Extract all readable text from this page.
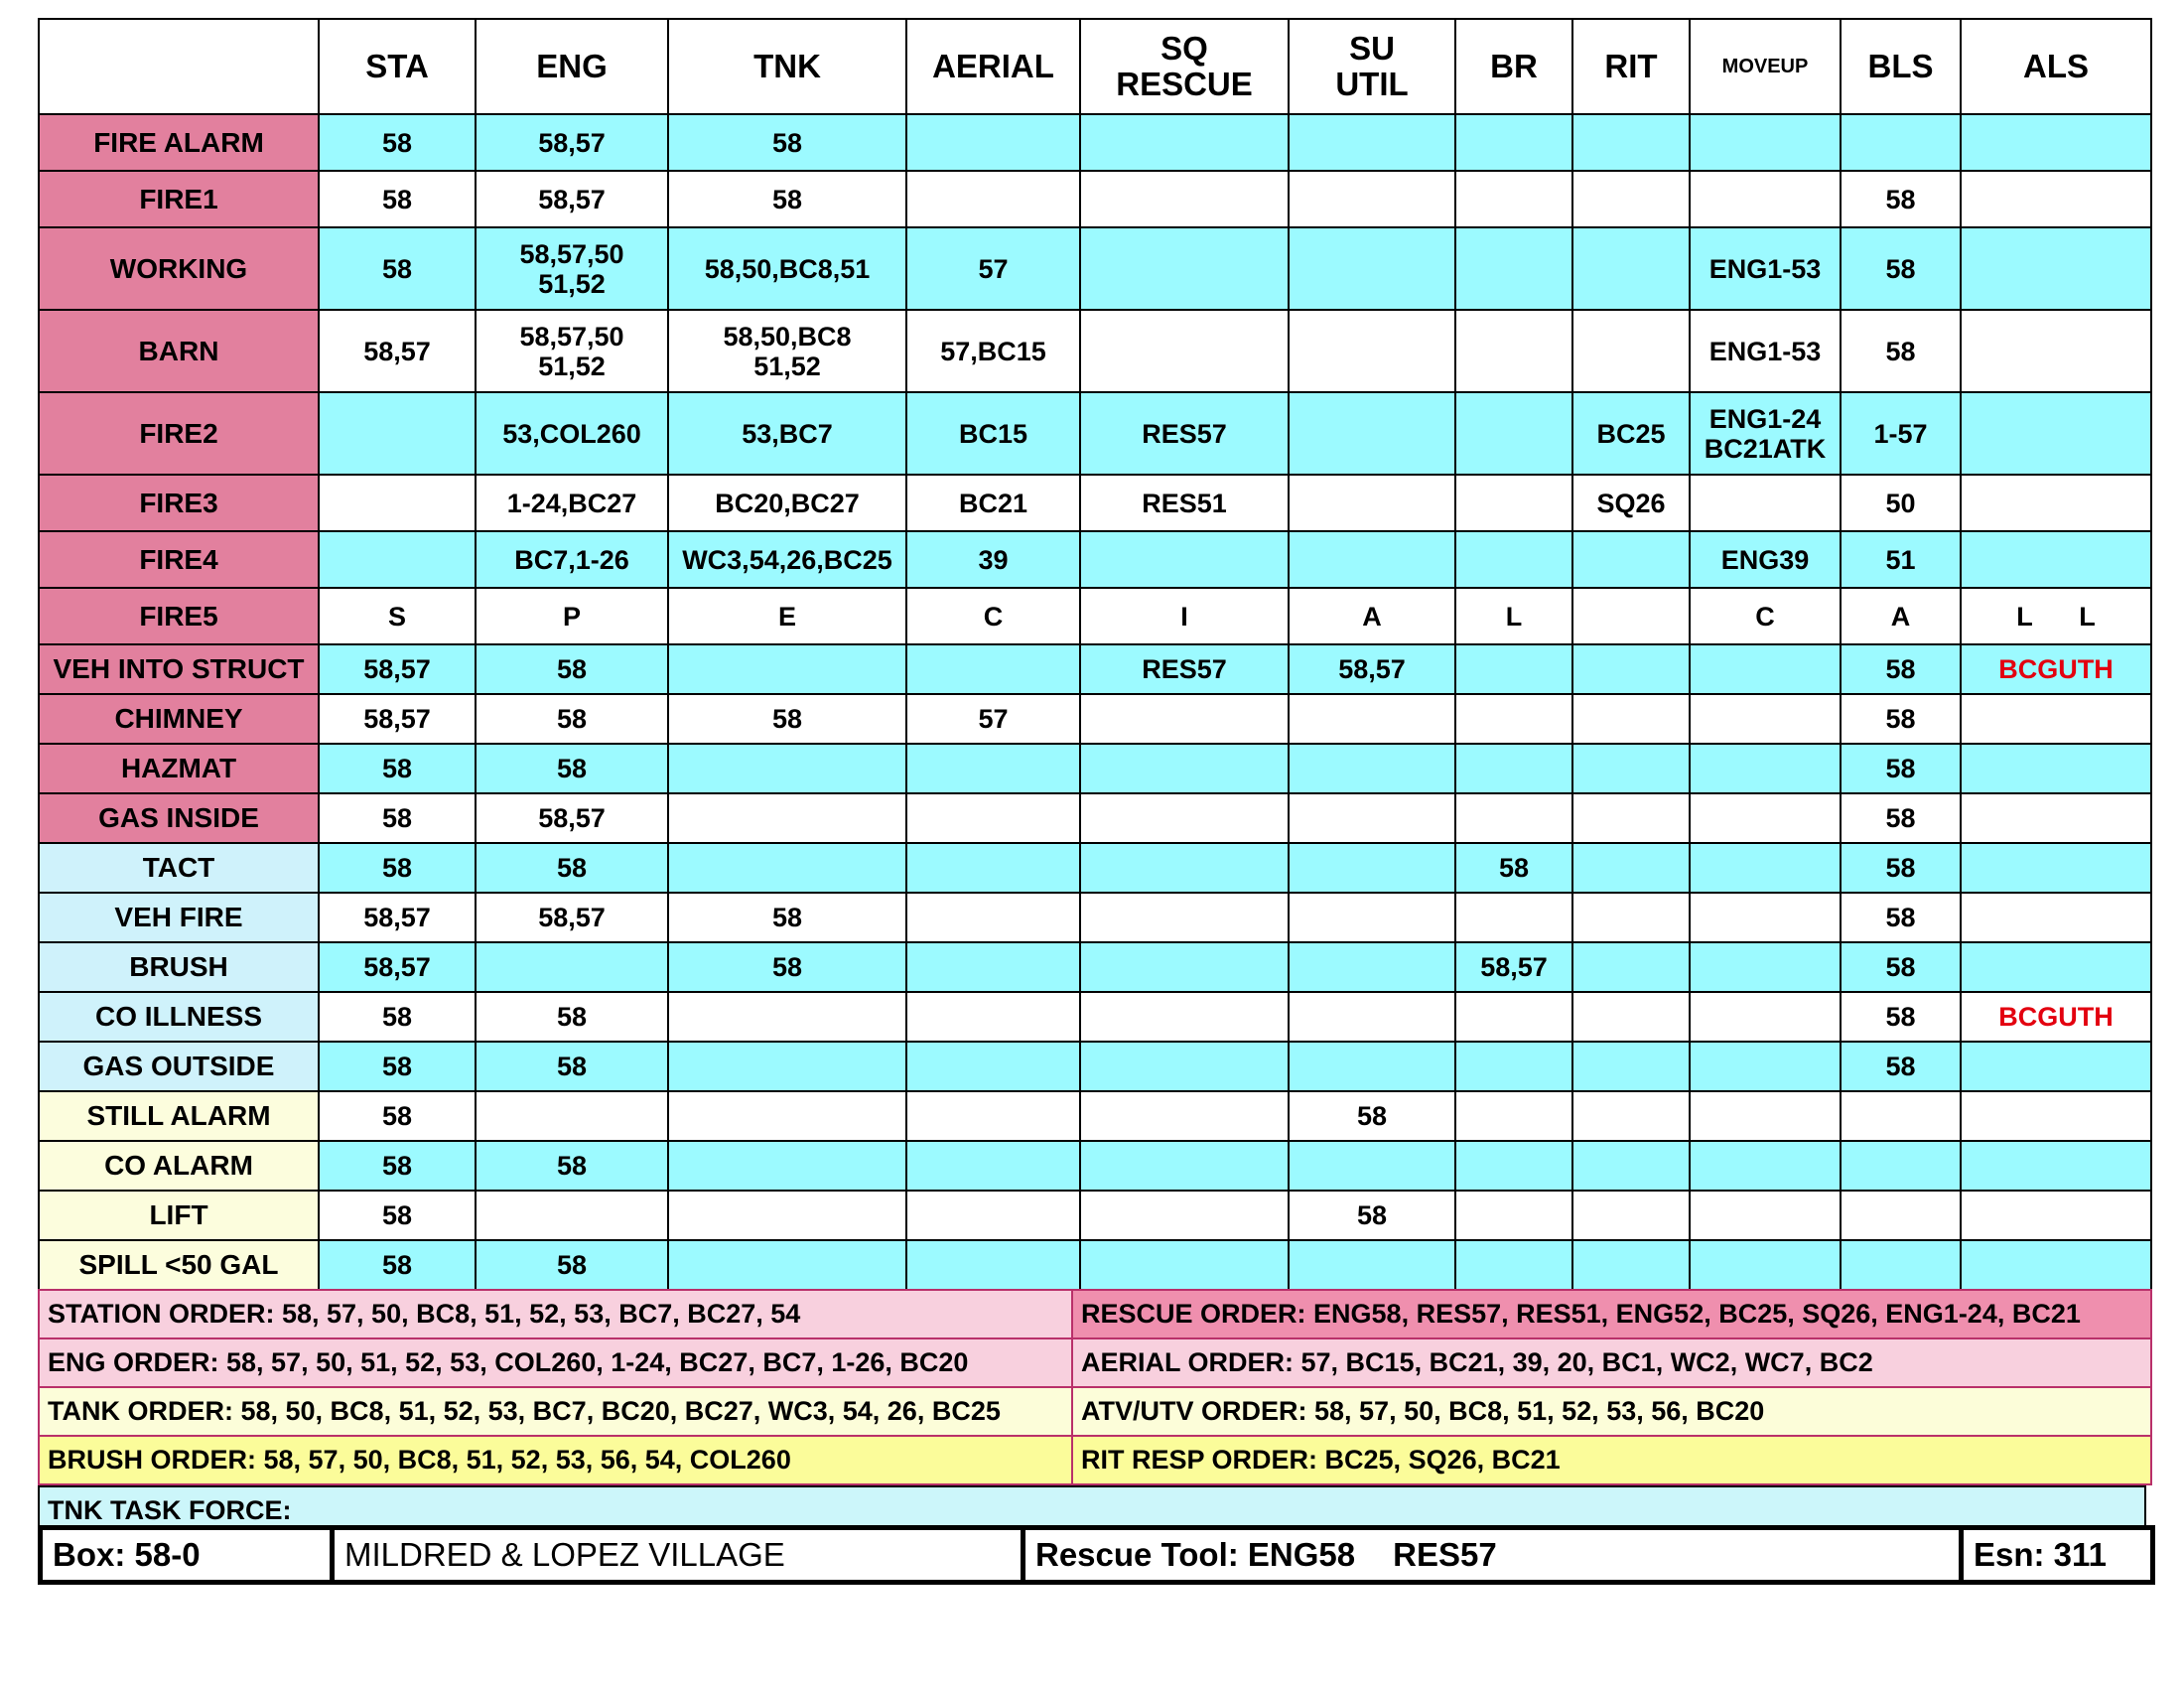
	STA	ENG	TNK	AERIAL	SQ
RESCUE	SU
UTIL	BR	RIT	MOVEUP	BLS	ALS
FIRE ALARM	58	58,57	58								
FIRE1	58	58,57	58							58	
WORKING	58	58,57,50
51,52	58,50,BC8,51	57					ENG1-53	58	
BARN	58,57	58,57,50
51,52	58,50,BC8
51,52	57,BC15					ENG1-53	58	
FIRE2		53,COL260	53,BC7	BC15	RES57			BC25	ENG1-24
BC21ATK	1-57	
FIRE3		1-24,BC27	BC20,BC27	BC21	RES51			SQ26		50	
FIRE4		BC7,1-26	WC3,54,26,BC25	39					ENG39	51	
FIRE5	S	P	E	C	I	A	L		C	A	L L

VEH INTO STRUCT	58,57	58			RES57	58,57				58	BCGUTH
CHIMNEY	58,57	58	58	57						58	
HAZMAT	58	58								58	
GAS INSIDE	58	58,57								58	
TACT	58	58					58			58	
VEH FIRE	58,57	58,57	58							58	
BRUSH	58,57		58				58,57			58	
CO ILLNESS	58	58								58	BCGUTH
GAS OUTSIDE	58	58								58	
STILL ALARM	58					58					
CO ALARM	58	58									
LIFT	58					58					
SPILL <50 GAL	58	58									
STATION ORDER: 58, 57, 50, BC8, 51, 52, 53, BC7, BC27, 54	RESCUE ORDER: ENG58, RES57, RES51, ENG52, BC25, SQ26, ENG1-24, BC21
ENG ORDER: 58, 57, 50, 51, 52, 53, COL260, 1-24, BC27, BC7, 1-26, BC20	AERIAL ORDER: 57, BC15, BC21, 39, 20, BC1, WC2, WC7, BC2
TANK ORDER: 58, 50, BC8, 51, 52, 53, BC7, BC20, BC27, WC3, 54, 26, BC25	ATV/UTV ORDER: 58, 57, 50, BC8, 51, 52, 53, 56, BC20
BRUSH ORDER: 58, 57, 50, BC8, 51, 52, 53, 56, 54, COL260	RIT RESP ORDER: BC25, SQ26, BC21
TNK TASK FORCE:
Box: 58-0	MILDRED & LOPEZ VILLAGE	Rescue Tool: ENG58 RES57	Esn: 311
